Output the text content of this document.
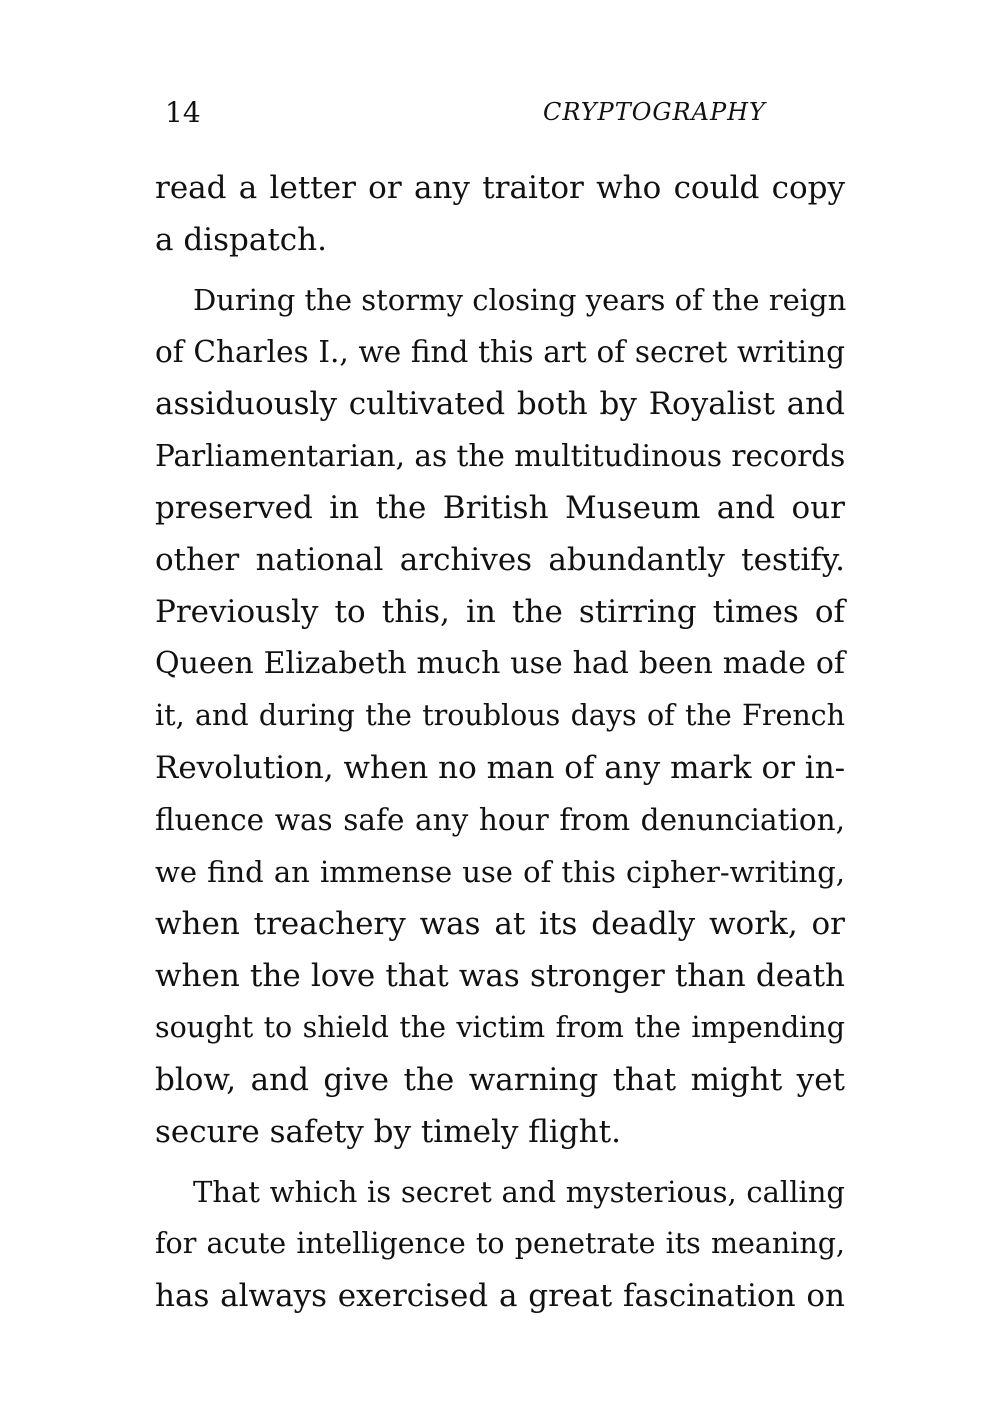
14	CRYPTOGRAPHY
read a letter or any traitor who could copy
a dispatch.
During the stormy closing years of the reign
of Charles I., we find this art of secret writing
assiduously cultivated both by Royalist and
Parliamentarian, as the multitudinous records
preserved in the British Museum and our
other national archives abundantly testify.
Previously to this, in the stirring times of
Queen Elizabeth much use had been made of
it, and during the troublous days of the French
Revolution, when no man of any mark or in-
fluence was safe any hour from denunciation,
we find an immense use of this cipher-writing,
when treachery was at its deadly work, or
when the love that was stronger than death
sought to shield the victim from the impending
blow, and give the warning that might yet
secure safety by timely flight.
That which is secret and mysterious, calling
for acute intelligence to penetrate its meaning,
has always exercised a great fascination on
